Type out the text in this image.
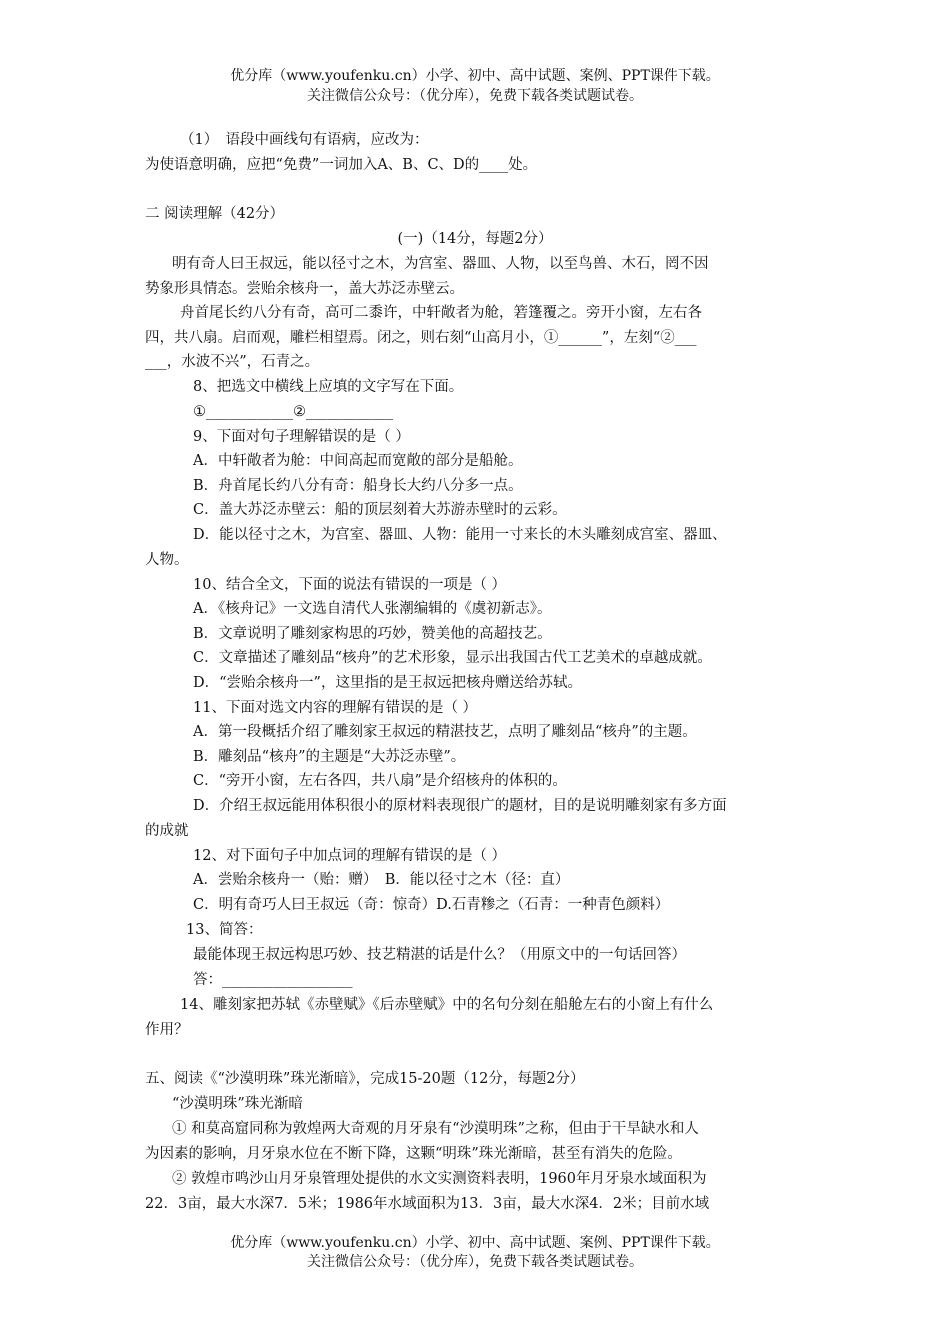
优分库（www.youfenku.cn）小学、初中、高中试题、案例、PPT课件下载。
关注微信公众号：（优分库），免费下载各类试题试卷。
（1）　语段中画线句有语病，应改为：
为使语意明确，应把“免费”一词加入A、B、C、D的____处。
二 阅读理解（42分）
(一)（14分，每题2分）
明有奇人曰王叔远，能以径寸之木，为宫室、器皿、人物，以至鸟兽、木石，罔不因
势象形具情态。尝贻余核舟一，盖大苏泛赤壁云。
舟首尾长约八分有奇，高可二黍许，中轩敞者为舱，箬篷覆之。旁开小窗，左右各
四，共八扇。启而观，雕栏相望焉。闭之，则右刻“山高月小，①______”，左刻“②___
___，水波不兴”，石青之。
8、把选文中横线上应填的文字写在下面。
①____________②____________
9、下面对句子理解错误的是（ ）
A．中轩敞者为舱：中间高起而宽敞的部分是船舱。
B．舟首尾长约八分有奇：船身长大约八分多一点。
C．盖大苏泛赤壁云：船的顶层刻着大苏游赤壁时的云彩。
D．能以径寸之木，为宫室、器皿、人物：能用一寸来长的木头雕刻成宫室、器皿、
人物。
10、结合全文，下面的说法有错误的一项是（ ）
A．《核舟记》一文选自清代人张潮编辑的《虞初新志》。
B．文章说明了雕刻家构思的巧妙，赞美他的高超技艺。
C．文章描述了雕刻品“核舟”的艺术形象，显示出我国古代工艺美术的卓越成就。
D．“尝贻余核舟一”，这里指的是王叔远把核舟赠送给苏轼。
11、下面对选文内容的理解有错误的是（ ）
A．第一段概括介绍了雕刻家王叔远的精湛技艺，点明了雕刻品“核舟”的主题。
B．雕刻品“核舟”的主题是“大苏泛赤壁”。
C．“旁开小窗，左右各四，共八扇”是介绍核舟的体积的。
D．介绍王叔远能用体积很小的原材料表现很广的题材，目的是说明雕刻家有多方面
的成就
12、对下面句子中加点词的理解有错误的是（ ）
A．尝贻余核舟一（贻：赠）　B．能以径寸之木（径：直）
C．明有奇巧人曰王叔远（奇：惊奇）D.石青糁之（石青：一种青色颜料）
13、简答：
最能体现王叔远构思巧妙、技艺精湛的话是什么？（用原文中的一句话回答）
答：__________________
14、雕刻家把苏轼《赤壁赋》《后赤壁赋》中的名句分刻在船舱左右的小窗上有什么
作用？
五、阅读《“沙漠明珠”珠光渐暗》，完成15-20题（12分，每题2分）
“沙漠明珠”珠光渐暗
① 和莫高窟同称为敦煌两大奇观的月牙泉有“沙漠明珠”之称，但由于干旱缺水和人
为因素的影响，月牙泉水位在不断下降，这颗“明珠”珠光渐暗，甚至有消失的危险。
② 敦煌市鸣沙山月牙泉管理处提供的水文实测资料表明，1960年月牙泉水域面积为
22．3亩，最大水深7．5米；1986年水域面积为13．3亩，最大水深4．2米；目前水域
优分库（www.youfenku.cn）小学、初中、高中试题、案例、PPT课件下载。
关注微信公众号：（优分库），免费下载各类试题试卷。
